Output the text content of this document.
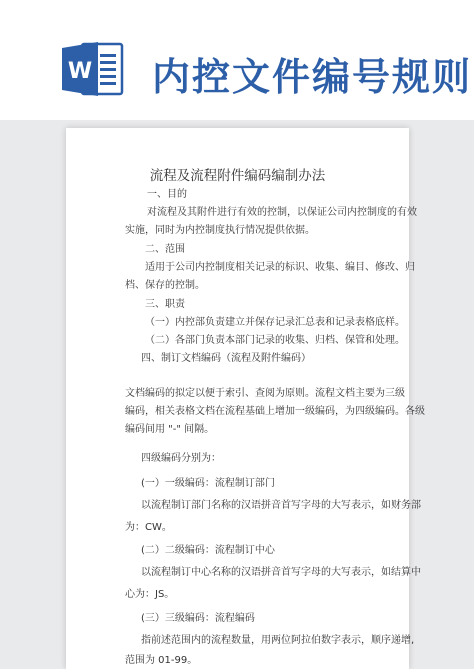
W 内控文件编号规则
流程及流程附件编码编制办法
一、目的
对流程及其附件进行有效的控制，以保证公司内控制度的有效
实施，同时为内控制度执行情况提供依据。
二、范围
适用于公司内控制度相关记录的标识、收集、编目、修改、归
档、保存的控制。
三、职责
（一）内控部负责建立并保存记录汇总表和记录表格底样。
（二）各部门负责本部门记录的收集、归档、保管和处理。
四、制订文档编码（流程及附件编码）
文档编码的拟定以便于索引、查阅为原则。流程文档主要为三级
编码，相关表格文档在流程基础上增加一级编码，为四级编码。各级
编码间用 "-" 间隔。
四级编码分别为：
(一）一级编码：流程制订部门
以流程制订部门名称的汉语拼音首写字母的大写表示，如财务部
为：CW。
(二）二级编码：流程制订中心
以流程制订中心名称的汉语拼音首写字母的大写表示，如结算中
心为：JS。
(三）三级编码：流程编码
指前述范围内的流程数量，用两位阿拉伯数字表示，顺序递增,
范围为 01-99。
